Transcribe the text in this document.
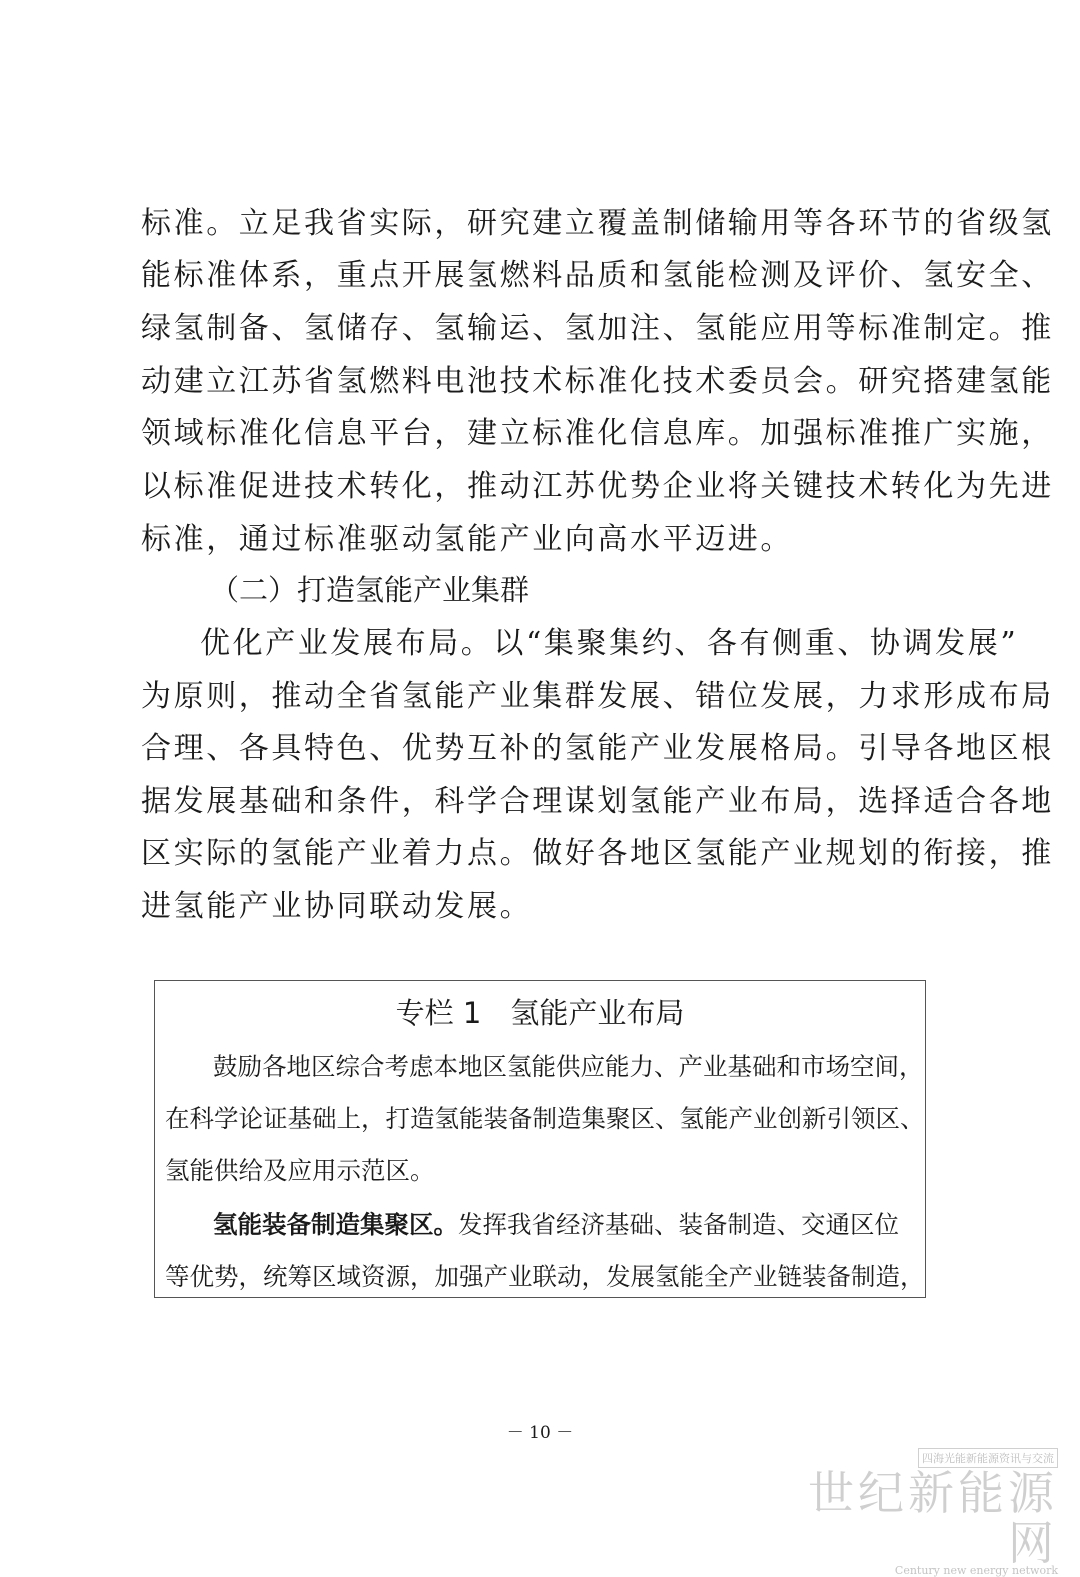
标准。立足我省实际，研究建立覆盖制储输用等各环节的省级氢
能标准体系，重点开展氢燃料品质和氢能检测及评价、氢安全、
绿氢制备、氢储存、氢输运、氢加注、氢能应用等标准制定。推
动建立江苏省氢燃料电池技术标准化技术委员会。研究搭建氢能
领域标准化信息平台，建立标准化信息库。加强标准推广实施，
以标准促进技术转化，推动江苏优势企业将关键技术转化为先进
标准，通过标准驱动氢能产业向高水平迈进。
（二）打造氢能产业集群
优化产业发展布局。以“集聚集约、各有侧重、协调发展”
为原则，推动全省氢能产业集群发展、错位发展，力求形成布局
合理、各具特色、优势互补的氢能产业发展格局。引导各地区根
据发展基础和条件，科学合理谋划氢能产业布局，选择适合各地
区实际的氢能产业着力点。做好各地区氢能产业规划的衔接，推
进氢能产业协同联动发展。
专栏 1　氢能产业布局
鼓励各地区综合考虑本地区氢能供应能力、产业基础和市场空间，
在科学论证基础上，打造氢能装备制造集聚区、氢能产业创新引领区、
氢能供给及应用示范区。
氢能装备制造集聚区。发挥我省经济基础、装备制造、交通区位
等优势，统筹区域资源，加强产业联动，发展氢能全产业链装备制造，
－ 10 －
四海光能新能源资讯与交流
世纪新能源网
Century new energy network
